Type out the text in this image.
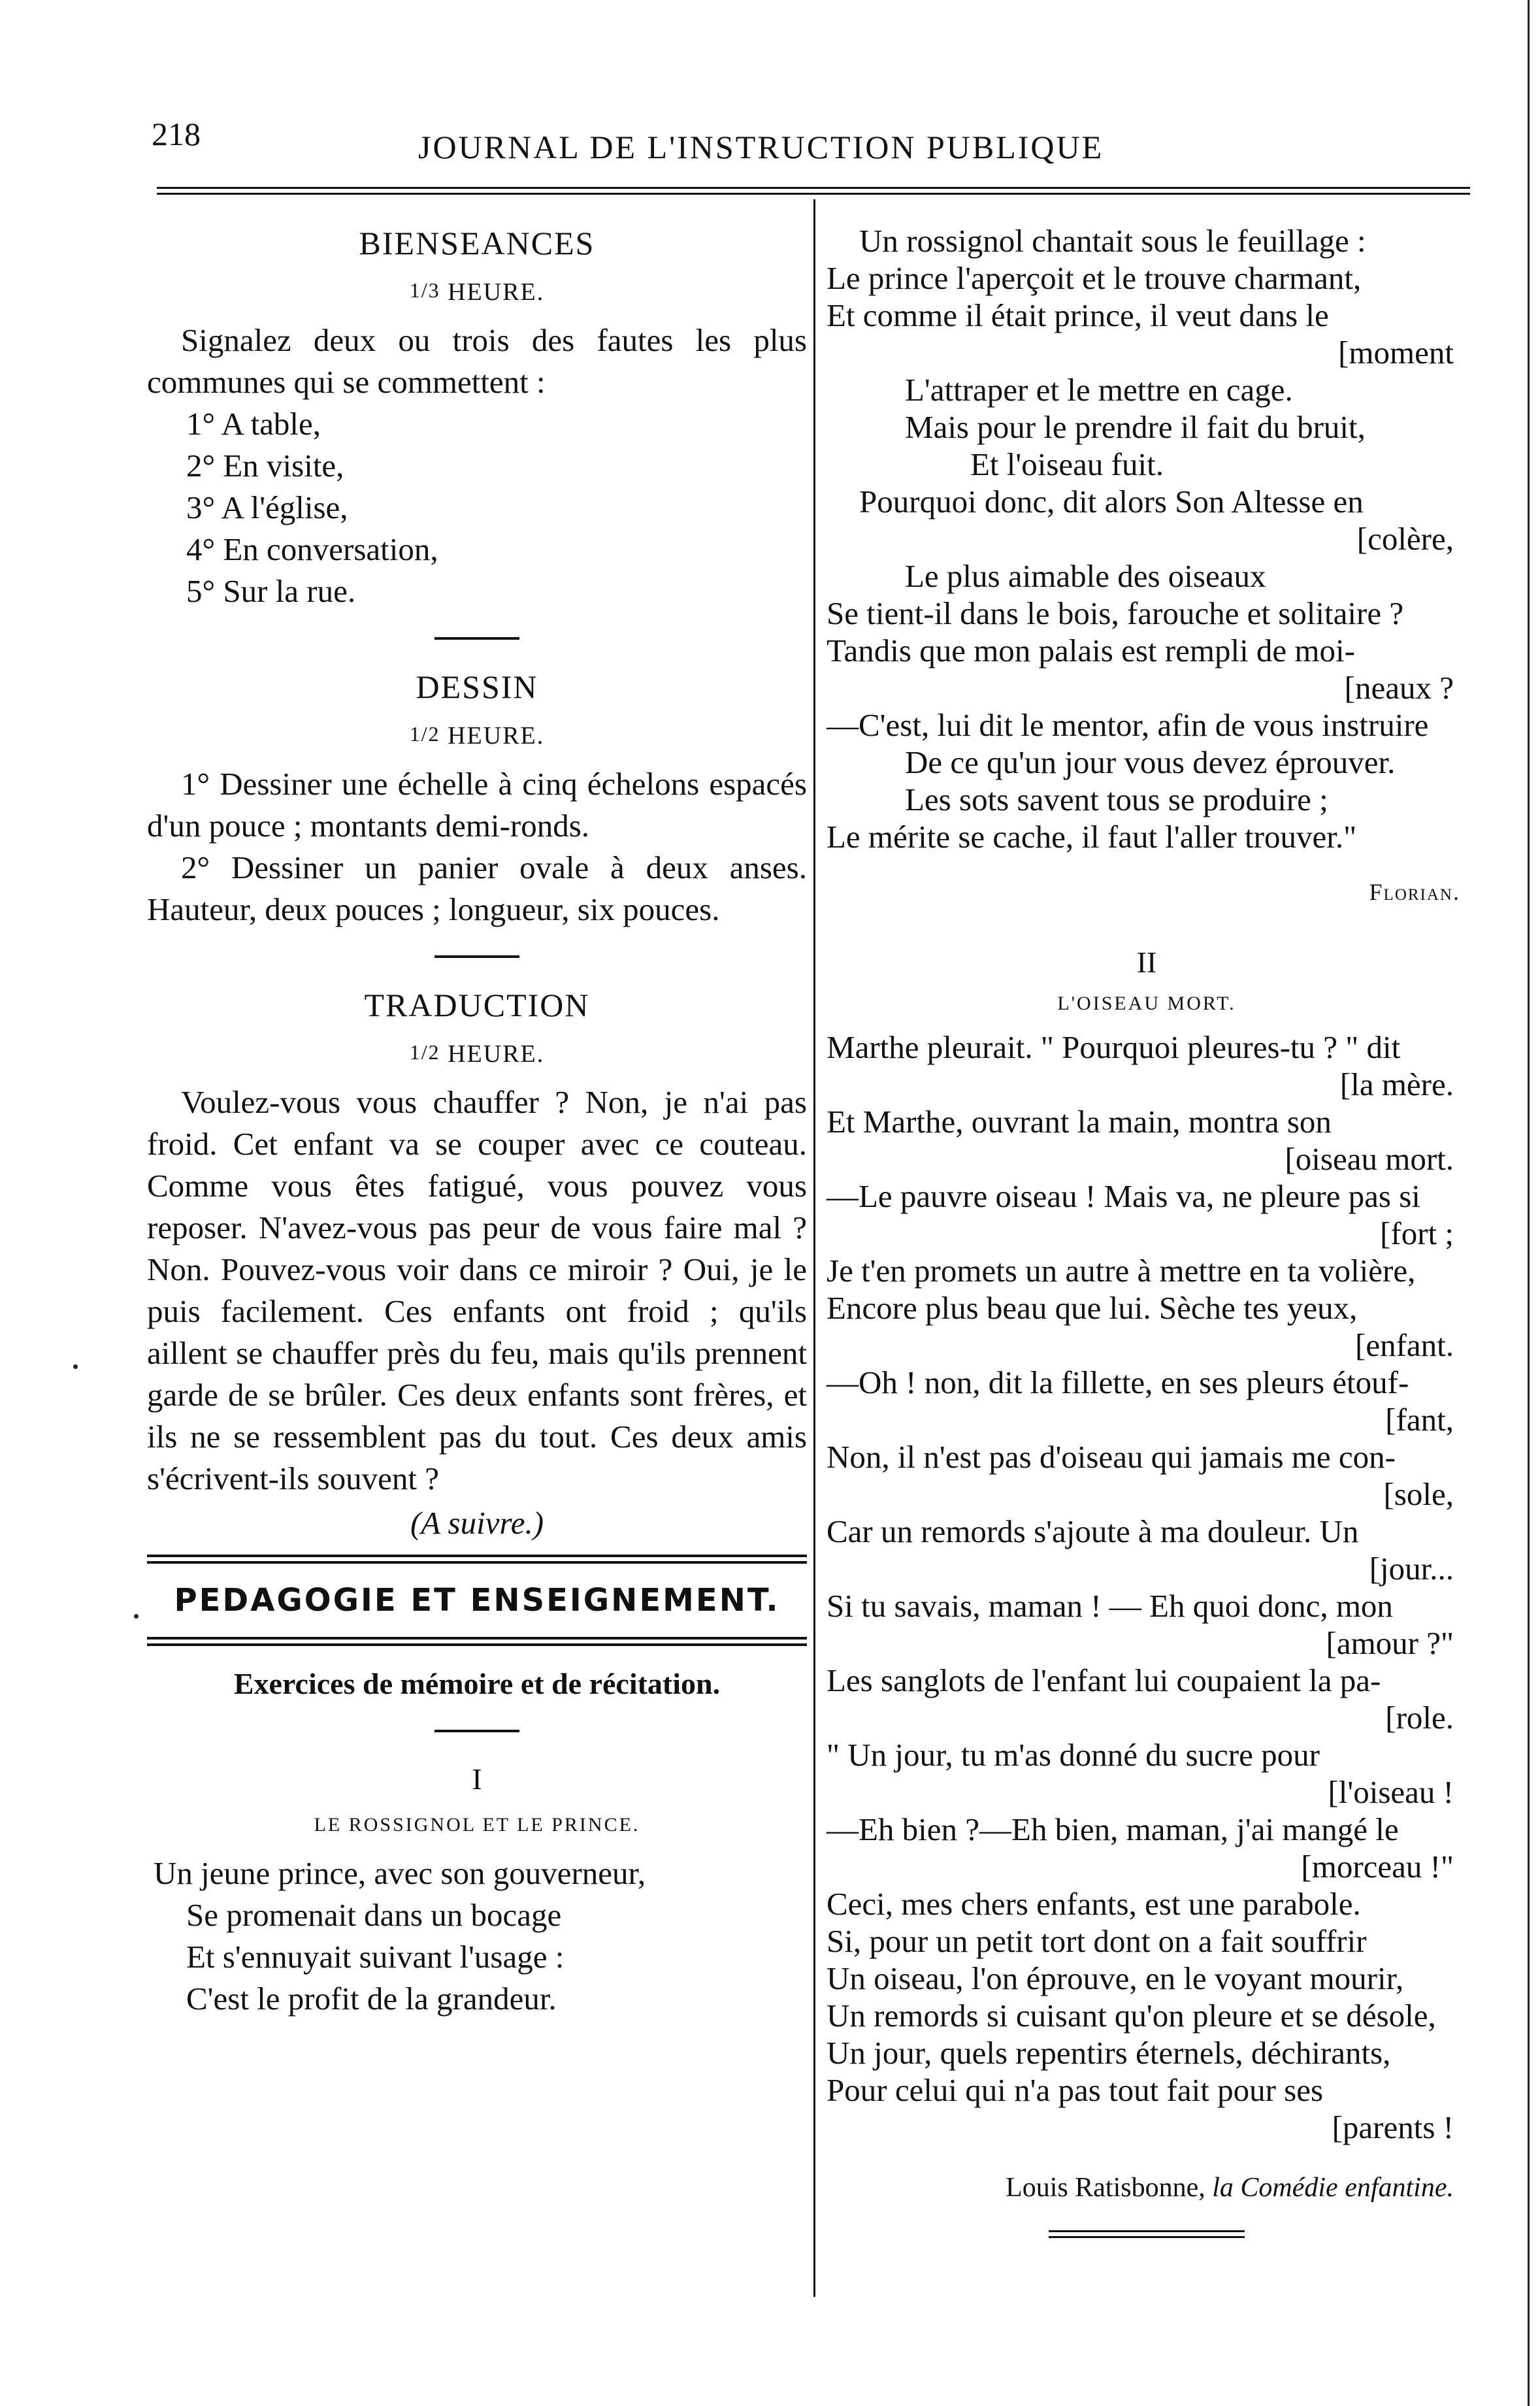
218	JOURNAL DE L'INSTRUCTION PUBLIQUE
BIENSEANCES
1/3 HEURE.

Signalez deux ou trois des fautes les plus communes qui se commettent :

1° A table,
2° En visite,
3° A l'église,
4° En conversation,
5° Sur la rue.
DESSIN
1/2 HEURE.

1° Dessiner une échelle à cinq échelons espacés d'un pouce ; montants demi-ronds.

2° Dessiner un panier ovale à deux anses. Hauteur, deux pouces ; longueur, six pouces.

TRADUCTION
1/2 HEURE.

Voulez-vous vous chauffer ? Non, je n'ai pas froid. Cet enfant va se couper avec ce couteau. Comme vous êtes fatigué, vous pouvez vous reposer. N'avez-vous pas peur de vous faire mal ? Non. Pouvez-vous voir dans ce miroir ? Oui, je le puis facilement. Ces enfants ont froid ; qu'ils aillent se chauffer près du feu, mais qu'ils prennent garde de se brûler. Ces deux enfants sont frères, et ils ne se ressemblent pas du tout. Ces deux amis s'écrivent-ils souvent ?

(A suivre.)
PEDAGOGIE ET ENSEIGNEMENT.
Exercices de mémoire et de récitation.
I
LE ROSSIGNOL ET LE PRINCE.

Un jeune prince, avec son gouverneur,

Se promenait dans un bocage

Et s'ennuyait suivant l'usage :

C'est le profit de la grandeur.

Un rossignol chantait sous le feuillage :

Le prince l'aperçoit et le trouve charmant,

Et comme il était prince, il veut dans le

[moment

L'attraper et le mettre en cage.

Mais pour le prendre il fait du bruit,

Et l'oiseau fuit.

Pourquoi donc, dit alors Son Altesse en

[colère,

Le plus aimable des oiseaux

Se tient-il dans le bois, farouche et solitaire ?

Tandis que mon palais est rempli de moi-

[neaux ?

—C'est, lui dit le mentor, afin de vous instruire

De ce qu'un jour vous devez éprouver.

Les sots savent tous se produire ;

Le mérite se cache, il faut l'aller trouver."

Florian.
II
L'OISEAU MORT.

Marthe pleurait. " Pourquoi pleures-tu ? " dit

[la mère.

Et Marthe, ouvrant la main, montra son

[oiseau mort.

—Le pauvre oiseau ! Mais va, ne pleure pas si

[fort ;

Je t'en promets un autre à mettre en ta volière,

Encore plus beau que lui. Sèche tes yeux,

[enfant.

—Oh ! non, dit la fillette, en ses pleurs étouf-

[fant,

Non, il n'est pas d'oiseau qui jamais me con-

[sole,

Car un remords s'ajoute à ma douleur. Un

[jour...

Si tu savais, maman ! — Eh quoi donc, mon

[amour ?"

Les sanglots de l'enfant lui coupaient la pa-

[role.

" Un jour, tu m'as donné du sucre pour

[l'oiseau !

—Eh bien ?—Eh bien, maman, j'ai mangé le

[morceau !"

Ceci, mes chers enfants, est une parabole.

Si, pour un petit tort dont on a fait souffrir

Un oiseau, l'on éprouve, en le voyant mourir,

Un remords si cuisant qu'on pleure et se désole,

Un jour, quels repentirs éternels, déchirants,

Pour celui qui n'a pas tout fait pour ses

[parents !

Louis Ratisbonne, la Comédie enfantine.
